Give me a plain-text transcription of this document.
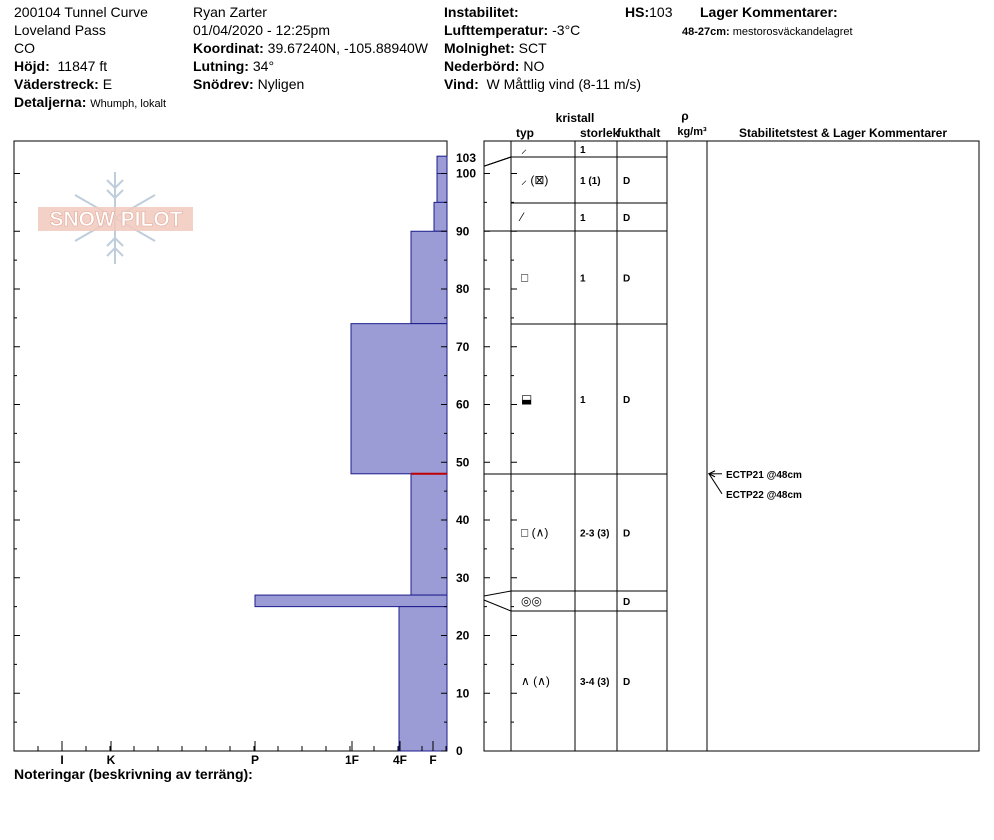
200104 Tunnel Curve
Loveland Pass
CO
Höjd: 11847 ft
Väderstreck: E
Detaljerna: Whumph, lokalt
Ryan Zarter
01/04/2020 - 12:25pm
Koordinat: 39.67240N, -105.88940W
Lutning: 34°
Snödrev: Nyligen
Instabilitet:
Lufttemperatur: -3°C
Molnighet: SCT
Nederbörd: NO
Vind: W Måttlig vind (8-11 m/s)
HS:103 Lager Kommentarer:
48-27cm: mestorosväckandelagret
SNOW PILOT
0
10
20
30
40
50
60
70
80
90
100
103
I	K	P	1F	4F F
⸝	1
⸝ (⊠)	1 (1) D
⁄	1	D
□	1	D
⬓	1	D
□ (∧)	2-3 (3) D
◎◎	D
∧ (∧)	3-4 (3) D
ECTP21 @48cm
ECTP22 @48cm
kristall
typ	storlek
fukthalt
ρ
kg/m³	Stabilitetstest & Lager Kommentarer
Noteringar (beskrivning av terräng):
